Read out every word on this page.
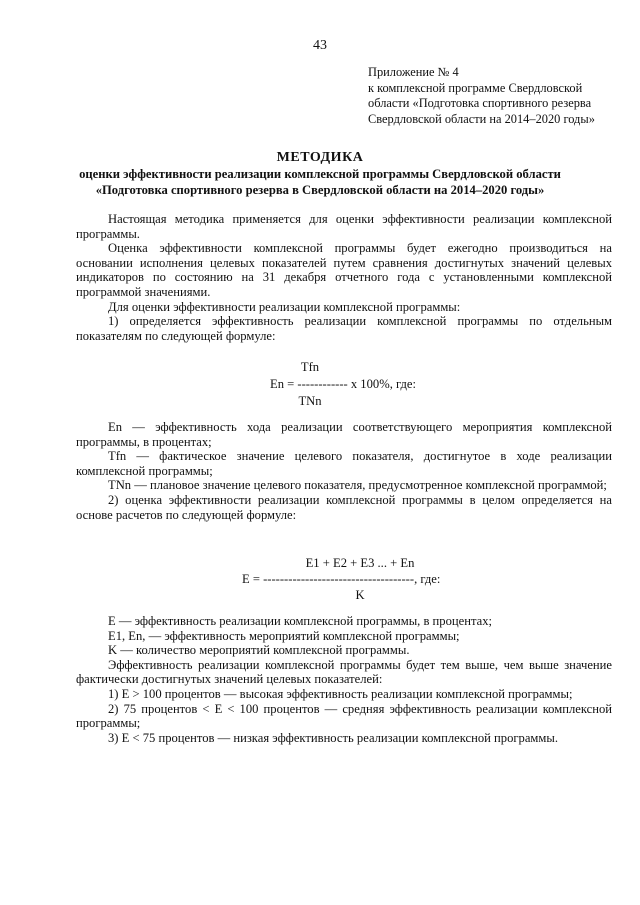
43
Приложение № 4
к комплексной программе Свердловской
области «Подготовка спортивного резерва
Свердловской области на 2014–2020 годы»
МЕТОДИКА
оценки эффективности реализации комплексной программы Свердловской области
«Подготовка спортивного резерва в Свердловской области на 2014–2020 годы»

Настоящая методика применяется для оценки эффективности реализации комплексной программы.

Оценка эффективности комплексной программы будет ежегодно производиться на основании исполнения целевых показателей путем сравнения достигнутых значений целевых индикаторов по состоянию на 31 декабря отчетного года с установленными комплексной программой значениями.

Для оценки эффективности реализации комплексной программы:

1) определяется эффективность реализации комплексной программы по отдельным показателям по следующей формуле:

Tfn
En = ------------ x 100%, где:
TNn

En — эффективность хода реализации соответствующего мероприятия комплексной программы, в процентах;

Tfn — фактическое значение целевого показателя, достигнутое в ходе реализации комплексной программы;

TNn — плановое значение целевого показателя, предусмотренное комплексной программой;

2) оценка эффективности реализации комплексной программы в целом определяется на основе расчетов по следующей формуле:

E1 + E2 + E3 ... + En
E = ------------------------------------, где:
K

E — эффективность реализации комплексной программы, в процентах;

E1, En, — эффективность мероприятий комплексной программы;

K — количество мероприятий комплексной программы.

Эффективность реализации комплексной программы будет тем выше, чем выше значение фактически достигнутых значений целевых показателей:

1) E > 100 процентов — высокая эффективность реализации комплексной программы;

2) 75 процентов < E < 100 процентов — средняя эффективность реализации комплексной программы;

3) E < 75 процентов — низкая эффективность реализации комплексной программы.
